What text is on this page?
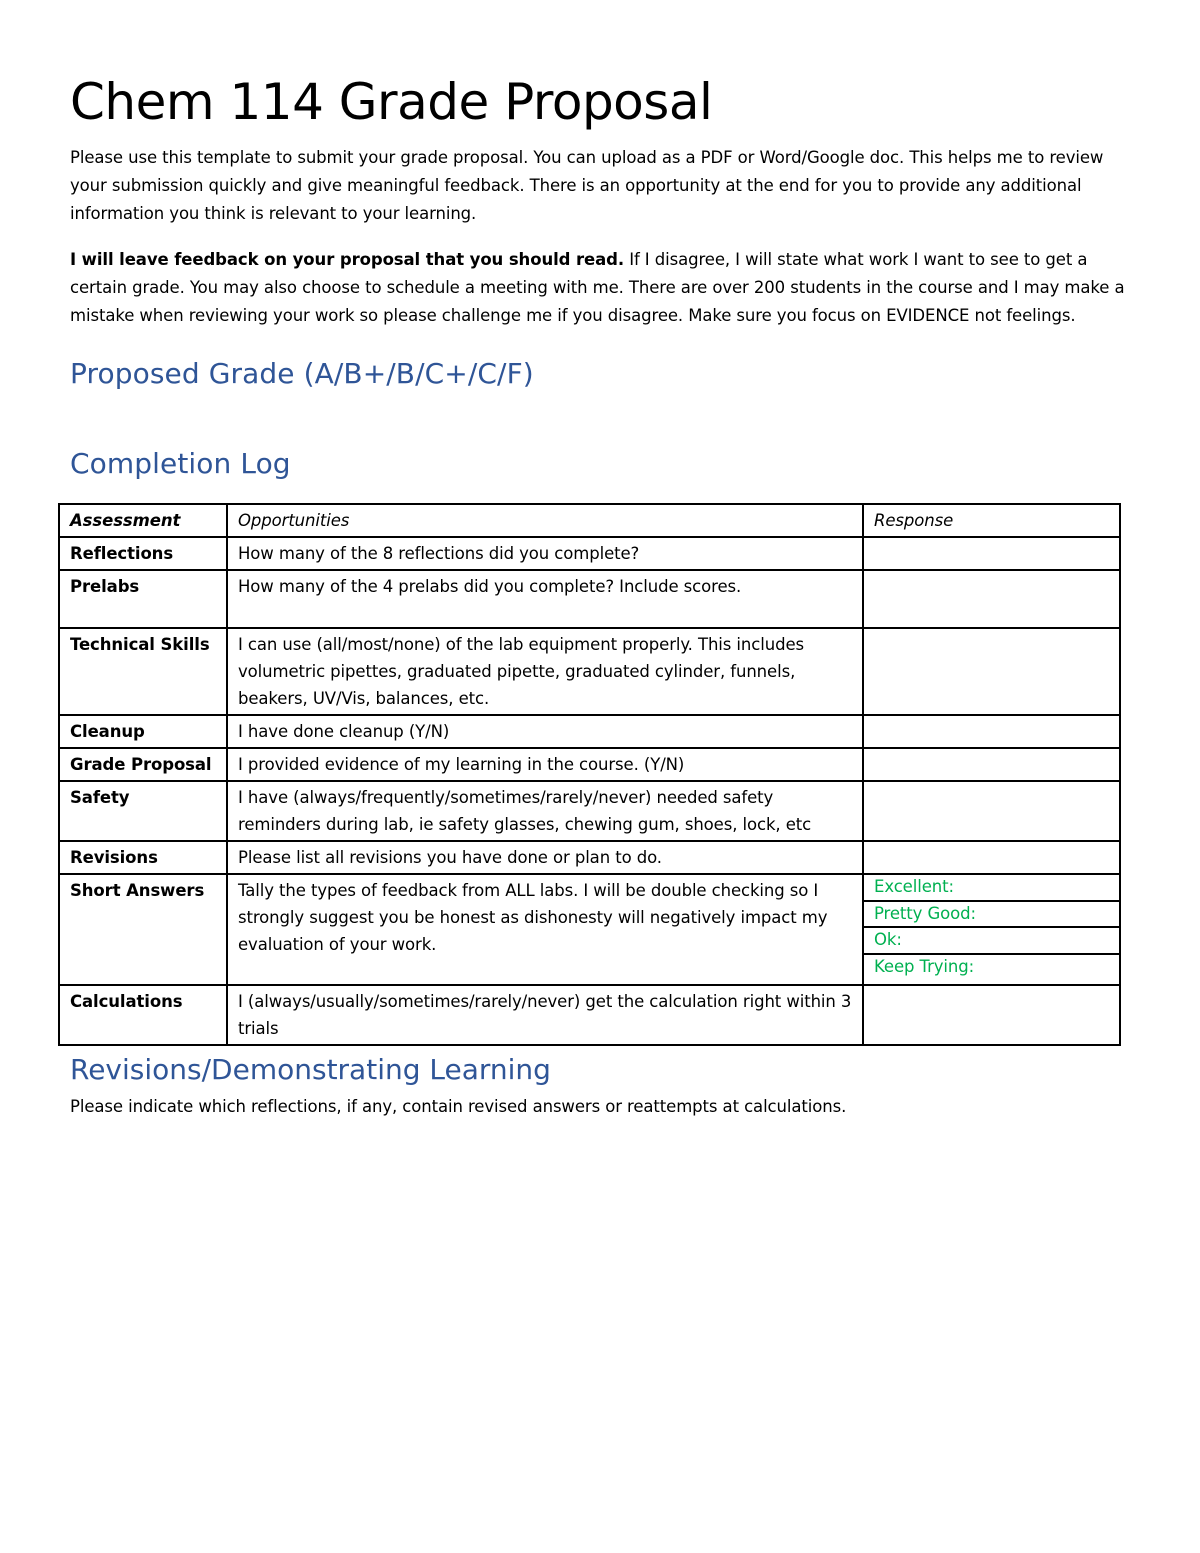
Chem 114 Grade Proposal

Please use this template to submit your grade proposal. You can upload as a PDF or Word/Google doc. This helps me to review your submission quickly and give meaningful feedback. There is an opportunity at the end for you to provide any additional information you think is relevant to your learning.

I will leave feedback on your proposal that you should read. If I disagree, I will state what work I want to see to get a certain grade. You may also choose to schedule a meeting with me. There are over 200 students in the course and I may make a mistake when reviewing your work so please challenge me if you disagree. Make sure you focus on EVIDENCE not feelings.

Proposed Grade (A/B+/B/C+/C/F)
Completion Log
Assessment	Opportunities	Response
Reflections	How many of the 8 reflections did you complete?	
Prelabs	How many of the 4 prelabs did you complete? Include scores.	
Technical Skills	I can use (all/most/none) of the lab equipment properly. This includes volumetric pipettes, graduated pipette, graduated cylinder, funnels, beakers, UV/Vis, balances, etc.	
Cleanup	I have done cleanup (Y/N)	
Grade Proposal	I provided evidence of my learning in the course. (Y/N)	
Safety	I have (always/frequently/sometimes/rarely/never) needed safety reminders during lab, ie safety glasses, chewing gum, shoes, lock, etc	
Revisions	Please list all revisions you have done or plan to do.	
Short Answers	Tally the types of feedback from ALL labs. I will be double checking so I strongly suggest you be honest as dishonesty will negatively impact my evaluation of your work.	Excellent:
Pretty Good:
Ok:
Keep Trying:

Calculations	I (always/usually/sometimes/rarely/never) get the calculation right within 3 trials	
Revisions/Demonstrating Learning
Please indicate which reflections, if any, contain revised answers or reattempts at calculations.
